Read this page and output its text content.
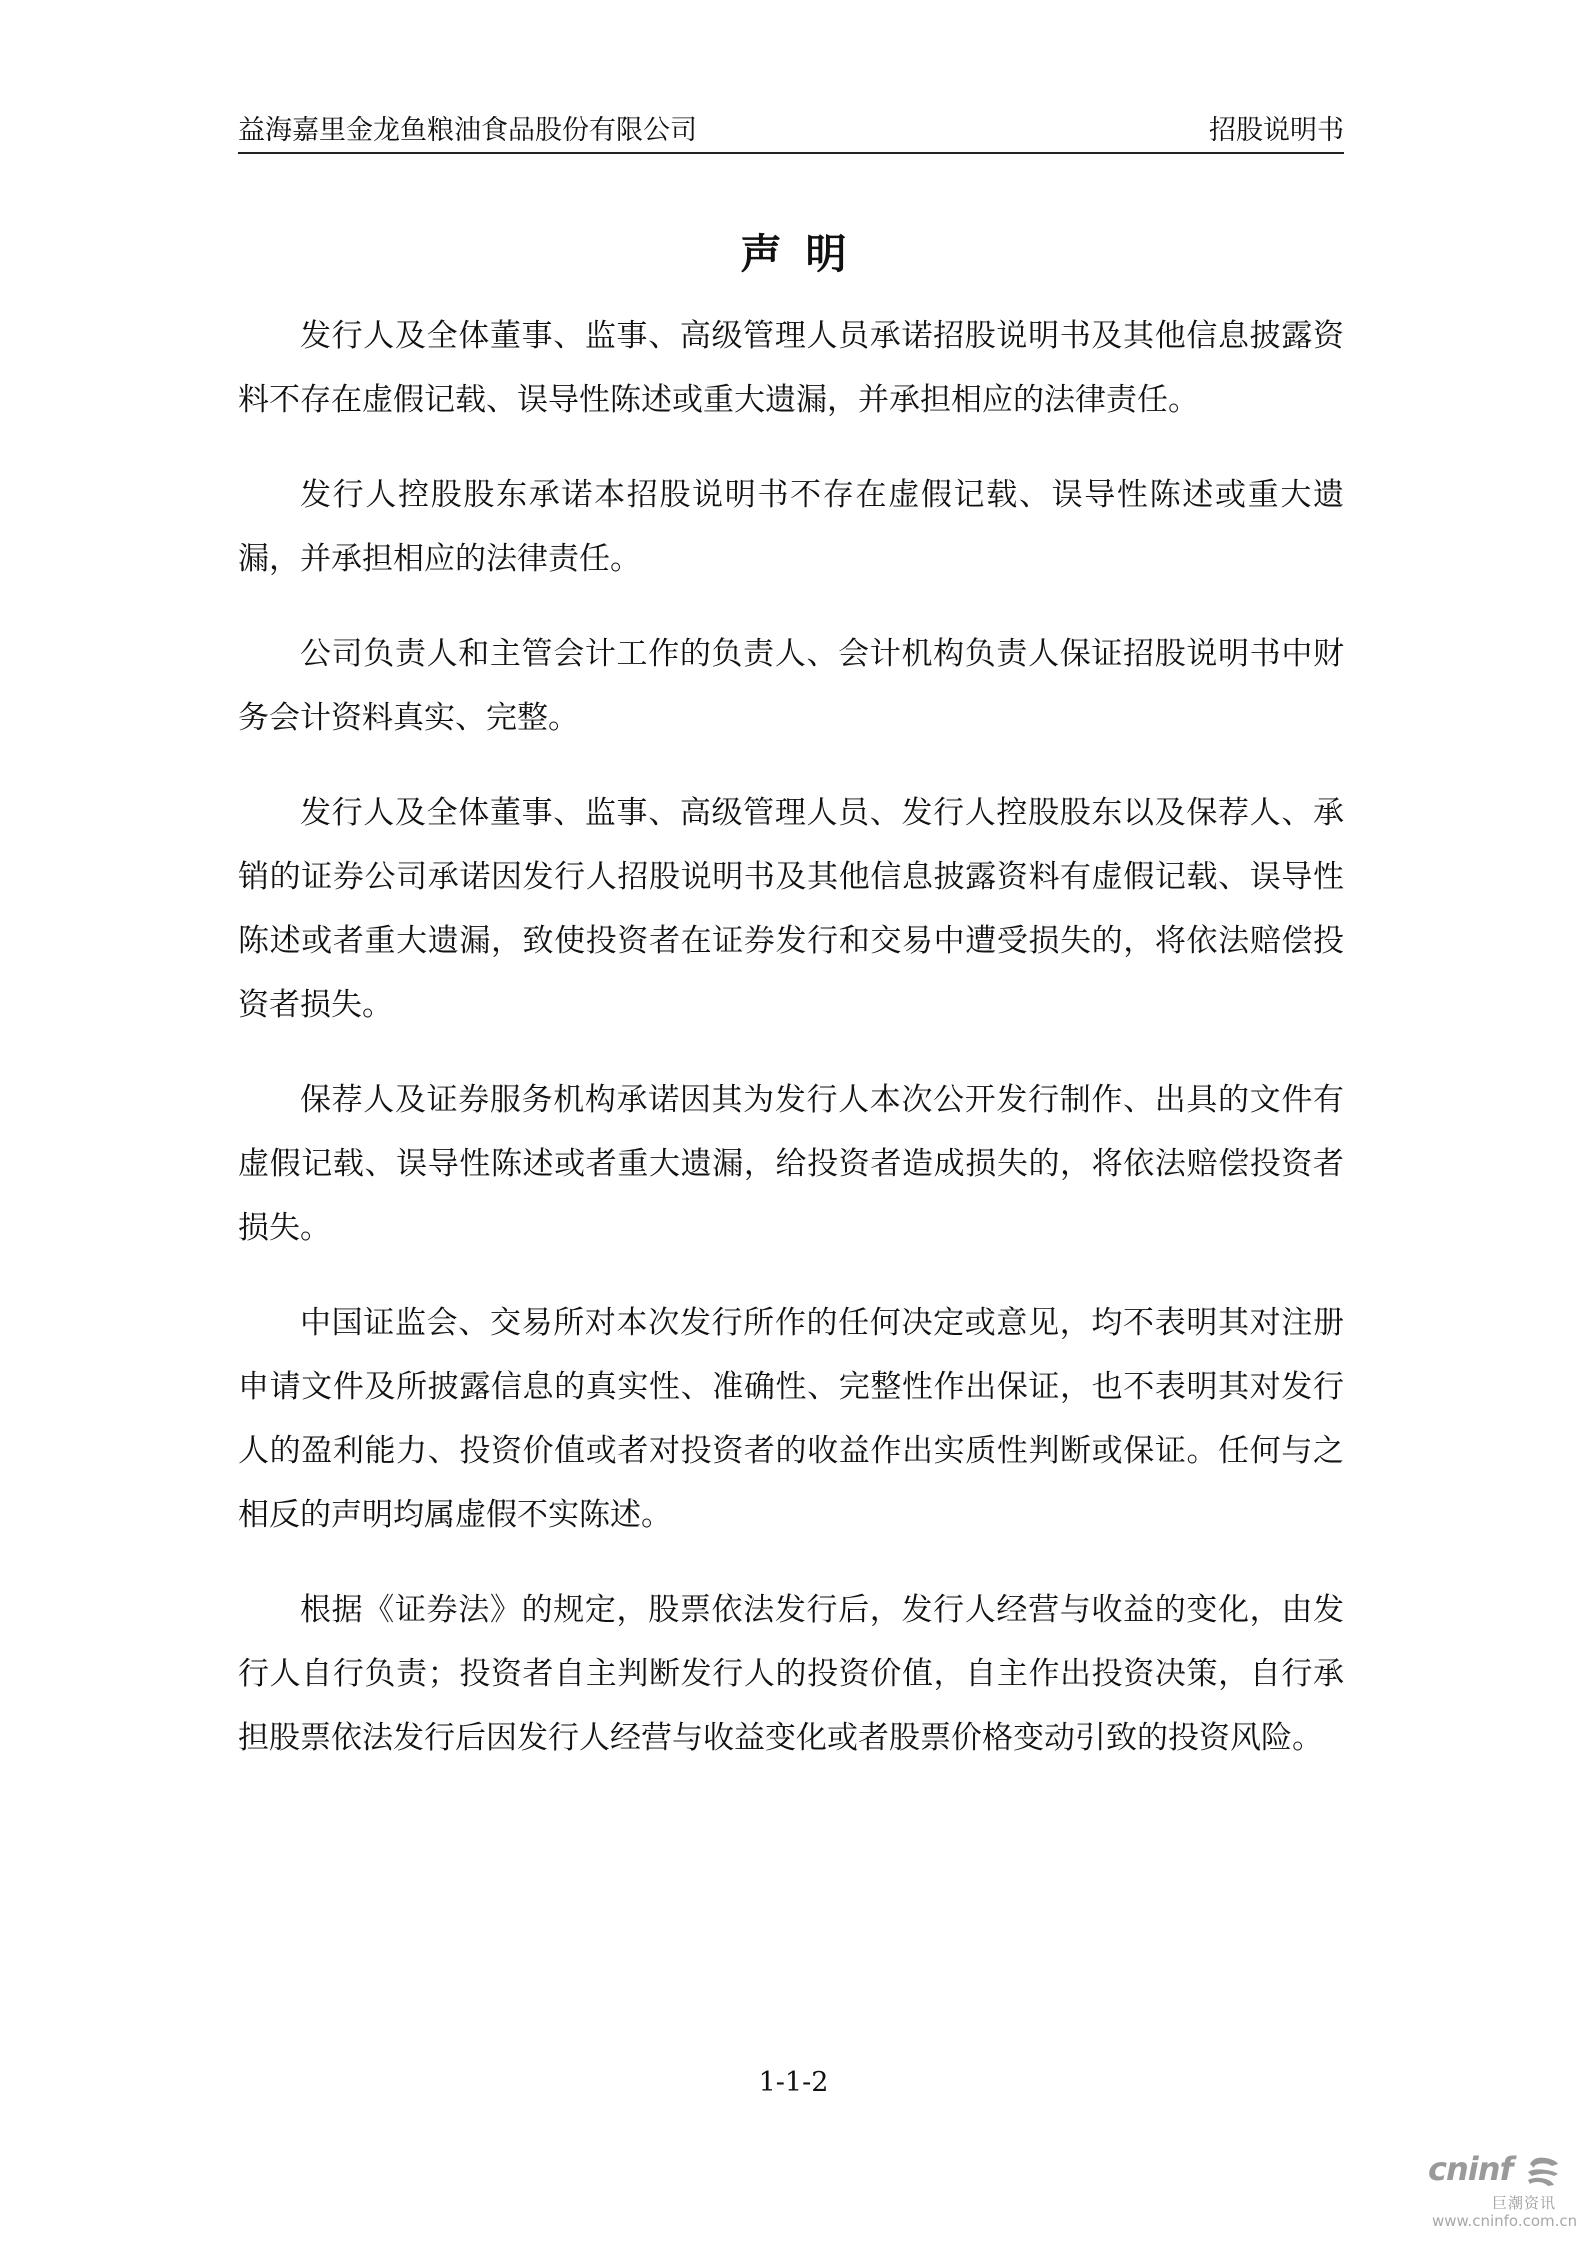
益海嘉里金龙鱼粮油食品股份有限公司	招股说明书
声明

发行人及全体董事、监事、高级管理人员承诺招股说明书及其他信息披露资料不存在虚假记载、误导性陈述或重大遗漏，并承担相应的法律责任。

发行人控股股东承诺本招股说明书不存在虚假记载、误导性陈述或重大遗漏，并承担相应的法律责任。

公司负责人和主管会计工作的负责人、会计机构负责人保证招股说明书中财务会计资料真实、完整。

发行人及全体董事、监事、高级管理人员、发行人控股股东以及保荐人、承销的证券公司承诺因发行人招股说明书及其他信息披露资料有虚假记载、误导性陈述或者重大遗漏，致使投资者在证券发行和交易中遭受损失的，将依法赔偿投资者损失。

保荐人及证券服务机构承诺因其为发行人本次公开发行制作、出具的文件有虚假记载、误导性陈述或者重大遗漏，给投资者造成损失的，将依法赔偿投资者损失。

中国证监会、交易所对本次发行所作的任何决定或意见，均不表明其对注册申请文件及所披露信息的真实性、准确性、完整性作出保证，也不表明其对发行人的盈利能力、投资价值或者对投资者的收益作出实质性判断或保证。任何与之相反的声明均属虚假不实陈述。

根据《证券法》的规定，股票依法发行后，发行人经营与收益的变化，由发行人自行负责；投资者自主判断发行人的投资价值，自主作出投资决策，自行承担股票依法发行后因发行人经营与收益变化或者股票价格变动引致的投资风险。

1-1-2
cninf
巨潮资讯
www.cninfo.com.cn
